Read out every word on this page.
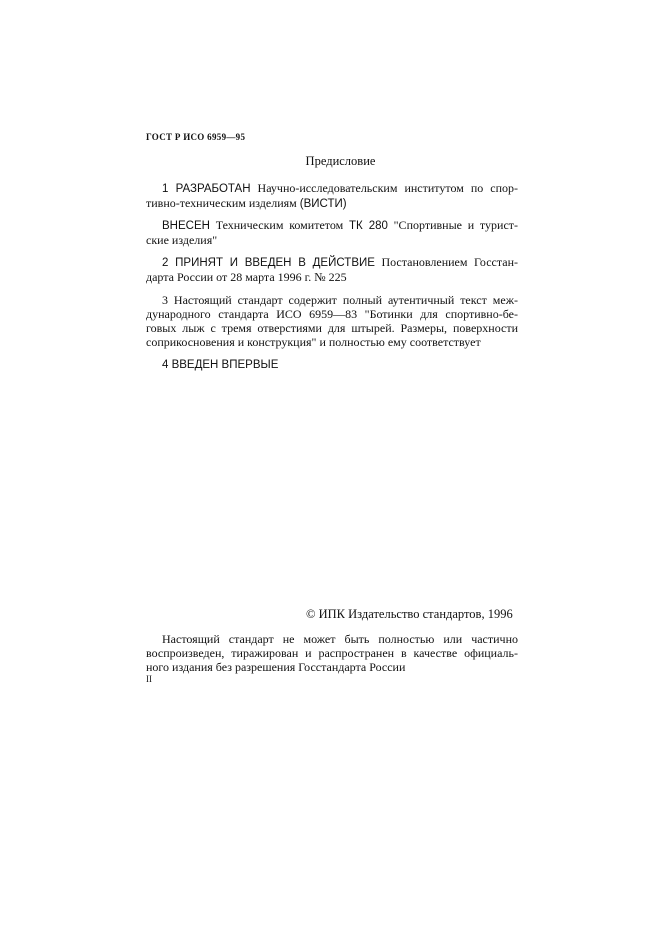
ГОСТ Р ИСО 6959—95
Предисловие
1 РАЗРАБОТАН Научно-исследовательским институтом по спор-
тивно-техническим изделиям (ВИСТИ)
ВНЕСЕН Техническим комитетом ТК 280 "Спортивные и турист-
ские изделия"
2 ПРИНЯТ И ВВЕДЕН В ДЕЙСТВИЕ Постановлением Госстан-
дарта России от 28 марта 1996 г. № 225
3 Настоящий стандарт содержит полный аутентичный текст меж-
дународного стандарта ИСО 6959—83 "Ботинки для спортивно-бе-
говых лыж с тремя отверстиями для штырей. Размеры, поверхности
соприкосновения и конструкция" и полностью ему соответствует
4 ВВЕДЕН ВПЕРВЫЕ
© ИПК Издательство стандартов, 1996
Настоящий стандарт не может быть полностью или частично
воспроизведен, тиражирован и распространен в качестве официаль-
ного издания без разрешения Госстандарта России
II
